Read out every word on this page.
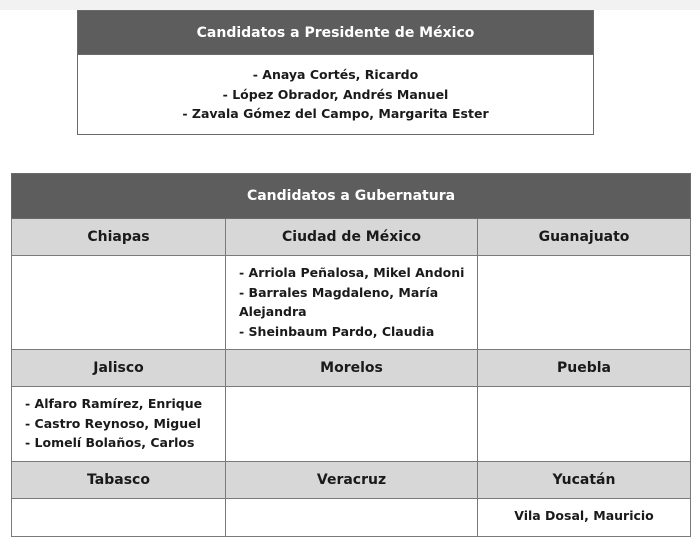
Candidatos a Presidente de México

- Anaya Cortés, Ricardo
- López Obrador, Andrés Manuel
- Zavala Gómez del Campo, Margarita Ester
Candidatos a Gubernatura		
Chiapas	Ciudad de México	Guanajuato

	- Arriola Peñalosa, Mikel Andoni
- Barrales Magdaleno, María Alejandra
- Sheinbaum Pardo, Claudia	

Jalisco	Morelos	Puebla

- Alfaro Ramírez, Enrique
- Castro Reynoso, Miguel
- Lomelí Bolaños, Carlos		

Tabasco	Veracruz	Yucatán

		Vila Dosal, Mauricio
